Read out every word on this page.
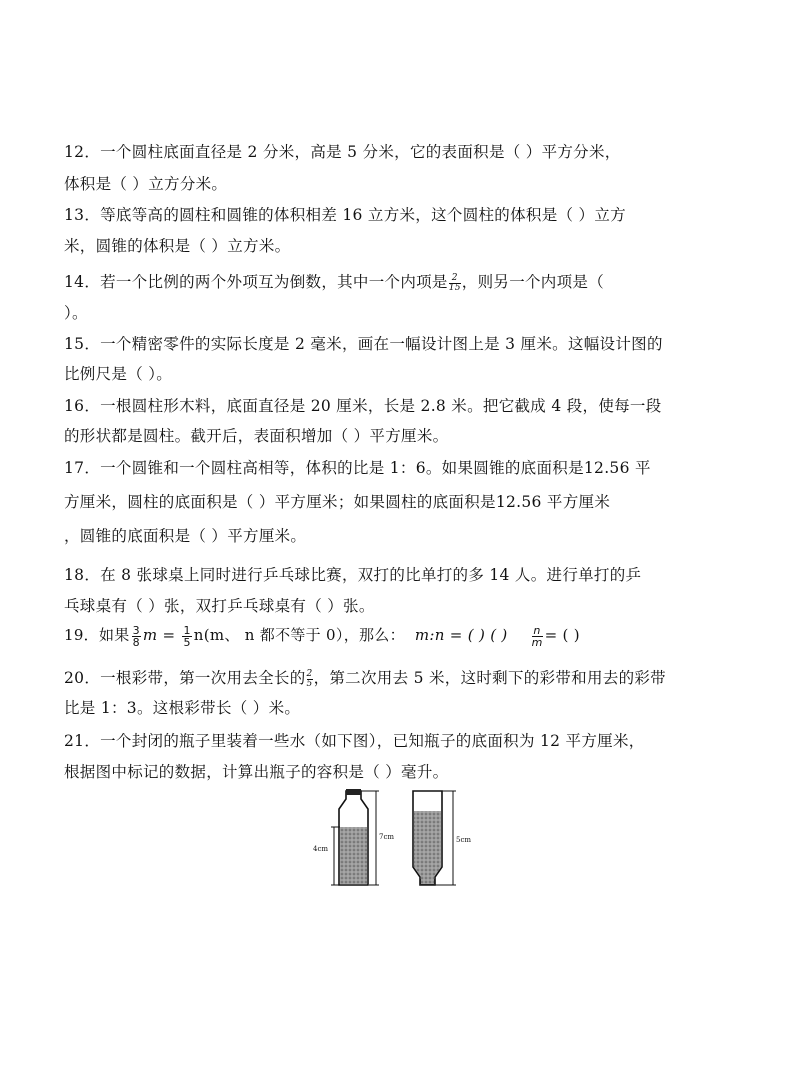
12．一个圆柱底面直径是 2 分米，高是 5 分米，它的表面积是（ ）平方分米，
体积是（ ）立方分米。
13．等底等高的圆柱和圆锥的体积相差 16 立方米，这个圆柱的体积是（ ）立方
米，圆锥的体积是（ ）立方米。
14．若一个比例的两个外项互为倒数，其中一个内项是 $\frac{2}{15}$ ，则另一个内项是（
）。
15．一个精密零件的实际长度是 2 毫米，画在一幅设计图上是 3 厘米。这幅设计图的
比例尺是（ ）。
16．一根圆柱形木料，底面直径是 20 厘米，长是 2.8 米。把它截成 4 段，使每一段
的形状都是圆柱。截开后，表面积增加（ ）平方厘米。
17．一个圆锥和一个圆柱高相等，体积的比是 1：6。如果圆锥的底面积是12.56 平
方厘米，圆柱的底面积是（ ）平方厘米；如果圆柱的底面积是12.56 平方厘米
，圆锥的底面积是（ ）平方厘米。
18．在 8 张球桌上同时进行乒乓球比赛，双打的比单打的多 14 人。进行单打的乒
乓球桌有（ ）张，双打乒乓球桌有（ ）张。
19．如果 $\frac{3}{8}$ $m = \frac{1}{5} n(m$、 n 都不等于 0），那么： m:n = ( ) ( ) $\frac{n}{m}$ = ( )
20．一根彩带，第一次用去全长的 $\frac{2}{5}$ ，第二次用去 5 米，这时剩下的彩带和用去的彩带
比是 1：3。这根彩带长（ ）米。
21．一个封闭的瓶子里装着一些水（如下图），已知瓶子的底面积为 12 平方厘米，
根据图中标记的数据，计算出瓶子的容积是（ ）毫升。
4cm
7cm	5cm
